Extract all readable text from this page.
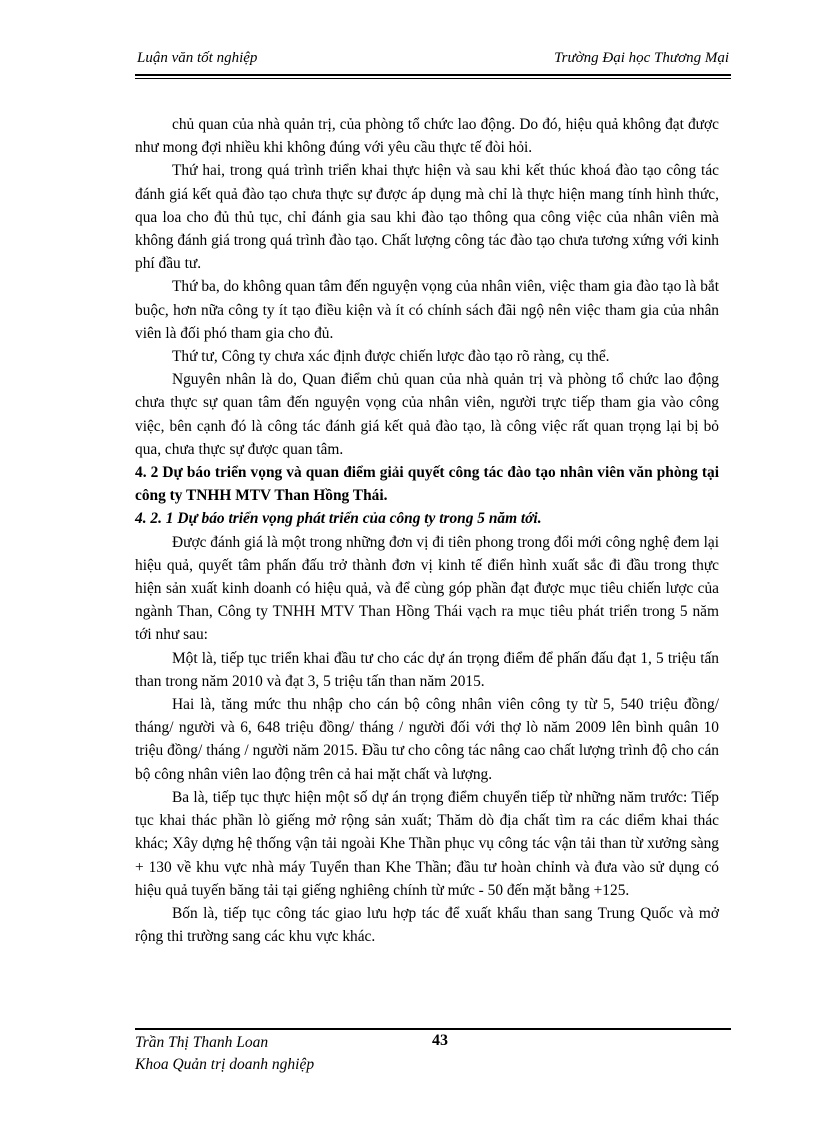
Luận văn tốt nghiệp	Trường Đại học Thương Mại

chủ quan của nhà quản trị, của phòng tổ chức lao động. Do đó, hiệu quả không đạt được như mong đợi nhiều khi không đúng với yêu cầu thực tế đòi hỏi.

Thứ hai, trong quá trình triển khai thực hiện và sau khi kết thúc khoá đào tạo công tác đánh giá kết quả đào tạo chưa thực sự được áp dụng mà chỉ là thực hiện mang tính hình thức, qua loa cho đủ thủ tục, chỉ đánh gia sau khi đào tạo thông qua công việc của nhân viên mà không đánh giá trong quá trình đào tạo. Chất lượng công tác đào tạo chưa tương xứng với kinh phí đầu tư.

Thứ ba, do không quan tâm đến nguyện vọng của nhân viên, việc tham gia đào tạo là bắt buộc, hơn nữa công ty ít tạo điều kiện và ít có chính sách đãi ngộ nên việc tham gia của nhân viên là đối phó tham gia cho đủ.

Thứ tư, Công ty chưa xác định được chiến lược đào tạo rõ ràng, cụ thể.

Nguyên nhân là do, Quan điểm chủ quan của nhà quản trị và phòng tổ chức lao động chưa thực sự quan tâm đến nguyện vọng của nhân viên, người trực tiếp tham gia vào công việc, bên cạnh đó là công tác đánh giá kết quả đào tạo, là công việc rất quan trọng lại bị bỏ qua, chưa thực sự được quan tâm.

4. 2 Dự báo triển vọng và quan điểm giải quyết công tác đào tạo nhân viên văn phòng tại công ty TNHH MTV Than Hồng Thái.
4. 2. 1 Dự báo triển vọng phát triển của công ty trong 5 năm tới.

Được đánh giá là một trong những đơn vị đi tiên phong trong đổi mới công nghệ đem lại hiệu quả, quyết tâm phấn đấu trở thành đơn vị kinh tế điển hình xuất sắc đi đầu trong thực hiện sản xuất kinh doanh có hiệu quả, và để cùng góp phần đạt được mục tiêu chiến lược của ngành Than, Công ty TNHH MTV Than Hồng Thái vạch ra mục tiêu phát triển trong 5 năm tới như sau:

Một là, tiếp tục triển khai đầu tư cho các dự án trọng điểm để phấn đấu đạt 1, 5 triệu tấn than trong năm 2010 và đạt 3, 5 triệu tấn than năm 2015.

Hai là, tăng mức thu nhập cho cán bộ công nhân viên công ty từ 5, 540 triệu đồng/ tháng/ người và 6, 648 triệu đồng/ tháng / người đối với thợ lò năm 2009 lên bình quân 10 triệu đồng/ tháng / người năm 2015. Đầu tư cho công tác nâng cao chất lượng trình độ cho cán bộ công nhân viên lao động trên cả hai mặt chất và lượng.

Ba là, tiếp tục thực hiện một số dự án trọng điểm chuyển tiếp từ những năm trước: Tiếp tục khai thác phần lò giếng mở rộng sản xuất; Thăm dò địa chất tìm ra các diểm khai thác khác; Xây dựng hệ thống vận tải ngoài Khe Thần phục vụ công tác vận tải than từ xưởng sàng + 130 về khu vực nhà máy Tuyển than Khe Thần; đầu tư hoàn chỉnh và đưa vào sử dụng có hiệu quả tuyến băng tải tại giếng nghiêng chính từ mức - 50 đến mặt bằng +125.

Bốn là, tiếp tục công tác giao lưu hợp tác để xuất khẩu than sang Trung Quốc và mở rộng thi trường sang các khu vực khác.

43
Trần Thị Thanh Loan
Khoa Quản trị doanh nghiệp
